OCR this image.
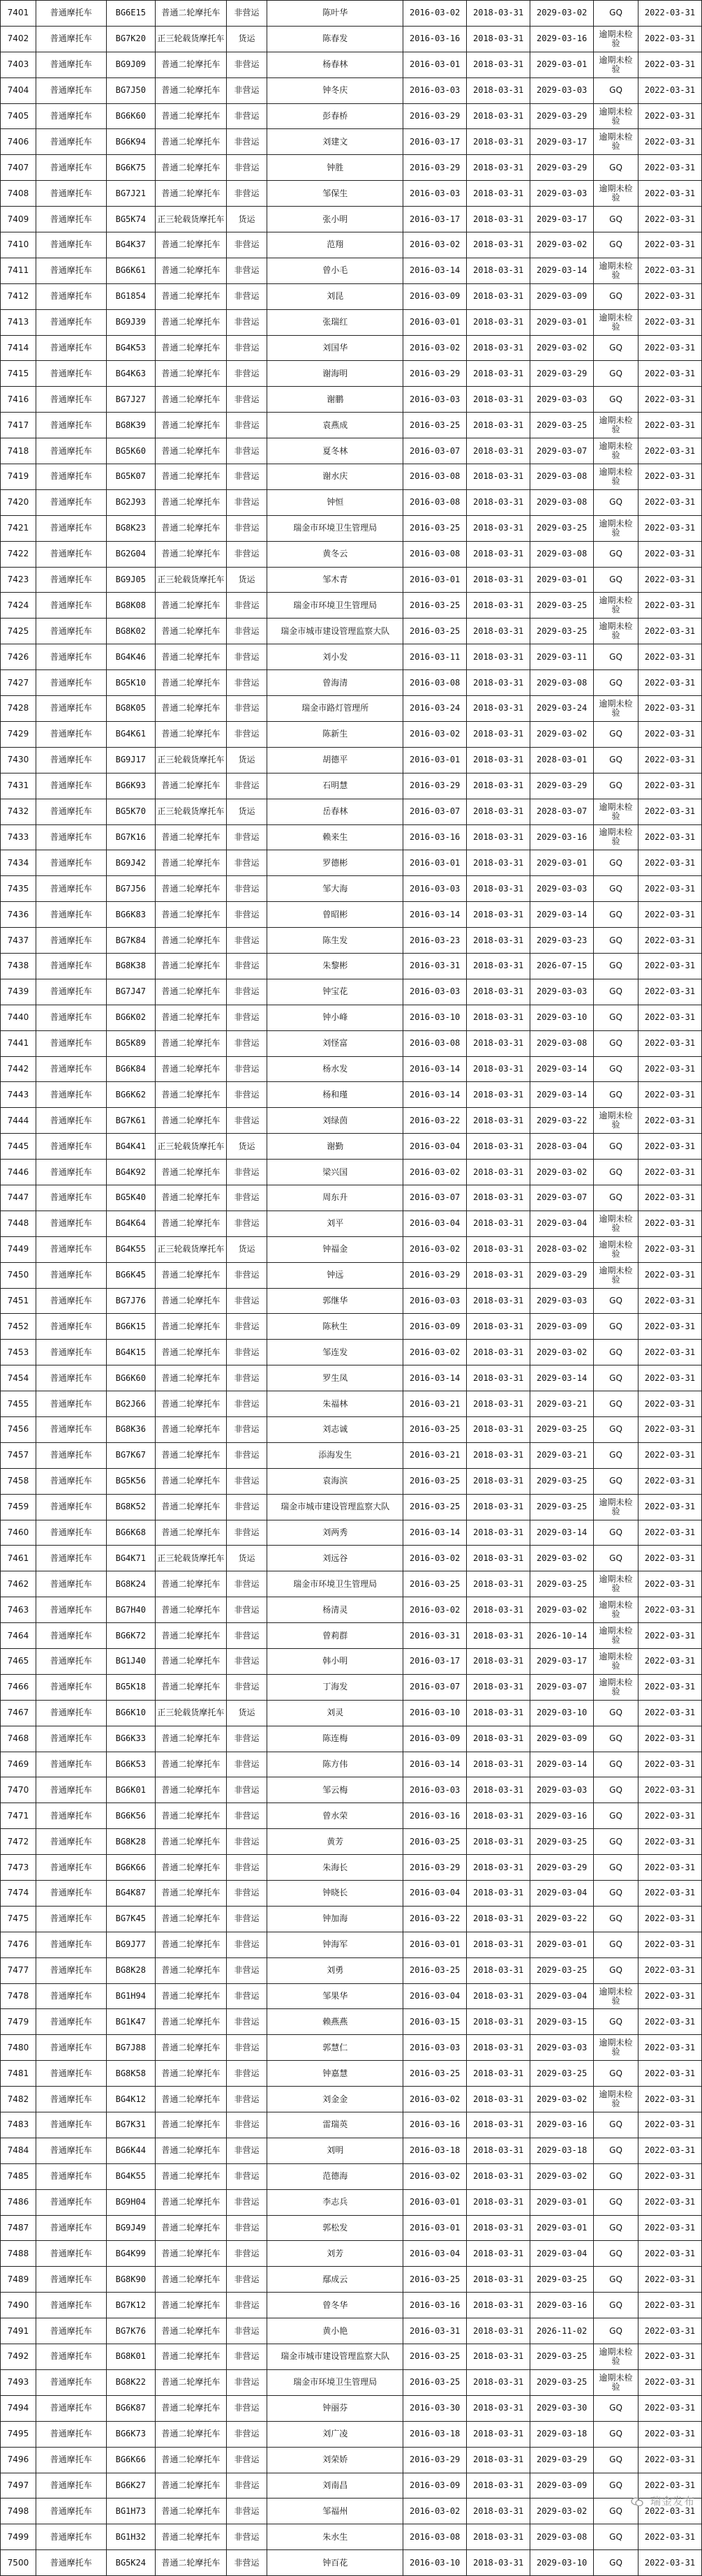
7401	普通摩托车	BG6E15	普通二轮摩托车	非营运	陈叶华	2016-03-02	2018-03-31	2029-03-02	GQ	2022-03-31
7402	普通摩托车	BG7K20	正三轮载货摩托车	货运	陈春发	2016-03-16	2018-03-31	2029-03-16	逾期未检验	2022-03-31
7403	普通摩托车	BG9J09	普通二轮摩托车	非营运	杨春林	2016-03-01	2018-03-31	2029-03-01	逾期未检验	2022-03-31
7404	普通摩托车	BG7J50	普通二轮摩托车	非营运	钟冬庆	2016-03-03	2018-03-31	2029-03-03	GQ	2022-03-31
7405	普通摩托车	BG6K60	普通二轮摩托车	非营运	彭春桥	2016-03-29	2018-03-31	2029-03-29	逾期未检验	2022-03-31
7406	普通摩托车	BG6K94	普通二轮摩托车	非营运	刘建文	2016-03-17	2018-03-31	2029-03-17	逾期未检验	2022-03-31
7407	普通摩托车	BG6K75	普通二轮摩托车	非营运	钟胜	2016-03-29	2018-03-31	2029-03-29	GQ	2022-03-31
7408	普通摩托车	BG7J21	普通二轮摩托车	非营运	邹保生	2016-03-03	2018-03-31	2029-03-03	逾期未检验	2022-03-31
7409	普通摩托车	BG5K74	正三轮载货摩托车	货运	张小明	2016-03-17	2018-03-31	2029-03-17	GQ	2022-03-31
7410	普通摩托车	BG4K37	普通二轮摩托车	非营运	范翔	2016-03-02	2018-03-31	2029-03-02	GQ	2022-03-31
7411	普通摩托车	BG6K61	普通二轮摩托车	非营运	曾小毛	2016-03-14	2018-03-31	2029-03-14	逾期未检验	2022-03-31
7412	普通摩托车	BG1854	普通二轮摩托车	非营运	刘昆	2016-03-09	2018-03-31	2029-03-09	GQ	2022-03-31
7413	普通摩托车	BG9J39	普通二轮摩托车	非营运	张瑞红	2016-03-01	2018-03-31	2029-03-01	逾期未检验	2022-03-31
7414	普通摩托车	BG4K53	普通二轮摩托车	非营运	刘国华	2016-03-02	2018-03-31	2029-03-02	GQ	2022-03-31
7415	普通摩托车	BG4K63	普通二轮摩托车	非营运	谢海明	2016-03-29	2018-03-31	2029-03-29	GQ	2022-03-31
7416	普通摩托车	BG7J27	普通二轮摩托车	非营运	谢鹏	2016-03-03	2018-03-31	2029-03-03	GQ	2022-03-31
7417	普通摩托车	BG8K39	普通二轮摩托车	非营运	袁燕成	2016-03-25	2018-03-31	2029-03-25	逾期未检验	2022-03-31
7418	普通摩托车	BG5K60	普通二轮摩托车	非营运	夏冬林	2016-03-07	2018-03-31	2029-03-07	逾期未检验	2022-03-31
7419	普通摩托车	BG5K07	普通二轮摩托车	非营运	谢水庆	2016-03-08	2018-03-31	2029-03-08	逾期未检验	2022-03-31
7420	普通摩托车	BG2J93	普通二轮摩托车	非营运	钟恒	2016-03-08	2018-03-31	2029-03-08	GQ	2022-03-31
7421	普通摩托车	BG8K23	普通二轮摩托车	非营运	瑞金市环境卫生管理局	2016-03-25	2018-03-31	2029-03-25	逾期未检验	2022-03-31
7422	普通摩托车	BG2G04	普通二轮摩托车	非营运	黄冬云	2016-03-08	2018-03-31	2029-03-08	GQ	2022-03-31
7423	普通摩托车	BG9J05	正三轮载货摩托车	货运	邹木青	2016-03-01	2018-03-31	2029-03-01	GQ	2022-03-31
7424	普通摩托车	BG8K08	普通二轮摩托车	非营运	瑞金市环境卫生管理局	2016-03-25	2018-03-31	2029-03-25	逾期未检验	2022-03-31
7425	普通摩托车	BG8K02	普通二轮摩托车	非营运	瑞金市城市建设管理监察大队	2016-03-25	2018-03-31	2029-03-25	逾期未检验	2022-03-31
7426	普通摩托车	BG4K46	普通二轮摩托车	非营运	刘小发	2016-03-11	2018-03-31	2029-03-11	GQ	2022-03-31
7427	普通摩托车	BG5K10	普通二轮摩托车	非营运	曾海清	2016-03-08	2018-03-31	2029-03-08	GQ	2022-03-31
7428	普通摩托车	BG8K05	普通二轮摩托车	非营运	瑞金市路灯管理所	2016-03-24	2018-03-31	2029-03-24	逾期未检验	2022-03-31
7429	普通摩托车	BG4K61	普通二轮摩托车	非营运	陈新生	2016-03-02	2018-03-31	2029-03-02	GQ	2022-03-31
7430	普通摩托车	BG9J17	正三轮载货摩托车	货运	胡德平	2016-03-01	2018-03-31	2028-03-01	GQ	2022-03-31
7431	普通摩托车	BG6K93	普通二轮摩托车	非营运	石明慧	2016-03-29	2018-03-31	2029-03-29	GQ	2022-03-31
7432	普通摩托车	BG5K70	正三轮载货摩托车	货运	岳春林	2016-03-07	2018-03-31	2028-03-07	逾期未检验	2022-03-31
7433	普通摩托车	BG7K16	普通二轮摩托车	非营运	赖来生	2016-03-16	2018-03-31	2029-03-16	逾期未检验	2022-03-31
7434	普通摩托车	BG9J42	普通二轮摩托车	非营运	罗德彬	2016-03-01	2018-03-31	2029-03-01	GQ	2022-03-31
7435	普通摩托车	BG7J56	普通二轮摩托车	非营运	邹大海	2016-03-03	2018-03-31	2029-03-03	GQ	2022-03-31
7436	普通摩托车	BG6K83	普通二轮摩托车	非营运	曾昭彬	2016-03-14	2018-03-31	2029-03-14	GQ	2022-03-31
7437	普通摩托车	BG7K84	普通二轮摩托车	非营运	陈生发	2016-03-23	2018-03-31	2029-03-23	GQ	2022-03-31
7438	普通摩托车	BG8K38	普通二轮摩托车	非营运	朱黎彬	2016-03-31	2018-03-31	2026-07-15	GQ	2022-03-31
7439	普通摩托车	BG7J47	普通二轮摩托车	非营运	钟宝花	2016-03-03	2018-03-31	2029-03-03	GQ	2022-03-31
7440	普通摩托车	BG6K02	普通二轮摩托车	非营运	钟小峰	2016-03-10	2018-03-31	2029-03-10	GQ	2022-03-31
7441	普通摩托车	BG5K89	普通二轮摩托车	非营运	刘怪富	2016-03-08	2018-03-31	2029-03-08	GQ	2022-03-31
7442	普通摩托车	BG6K84	普通二轮摩托车	非营运	杨水发	2016-03-14	2018-03-31	2029-03-14	GQ	2022-03-31
7443	普通摩托车	BG6K62	普通二轮摩托车	非营运	杨和瑾	2016-03-14	2018-03-31	2029-03-14	GQ	2022-03-31
7444	普通摩托车	BG7K61	普通二轮摩托车	非营运	刘绿茵	2016-03-22	2018-03-31	2029-03-22	逾期未检验	2022-03-31
7445	普通摩托车	BG4K41	正三轮载货摩托车	货运	谢勤	2016-03-04	2018-03-31	2028-03-04	GQ	2022-03-31
7446	普通摩托车	BG4K92	普通二轮摩托车	非营运	梁兴国	2016-03-02	2018-03-31	2029-03-02	GQ	2022-03-31
7447	普通摩托车	BG5K40	普通二轮摩托车	非营运	周东升	2016-03-07	2018-03-31	2029-03-07	GQ	2022-03-31
7448	普通摩托车	BG4K64	普通二轮摩托车	非营运	刘平	2016-03-04	2018-03-31	2029-03-04	逾期未检验	2022-03-31
7449	普通摩托车	BG4K55	正三轮载货摩托车	货运	钟福金	2016-03-02	2018-03-31	2028-03-02	逾期未检验	2022-03-31
7450	普通摩托车	BG6K45	普通二轮摩托车	非营运	钟远	2016-03-29	2018-03-31	2029-03-29	逾期未检验	2022-03-31
7451	普通摩托车	BG7J76	普通二轮摩托车	非营运	郭继华	2016-03-03	2018-03-31	2029-03-03	GQ	2022-03-31
7452	普通摩托车	BG6K15	普通二轮摩托车	非营运	陈秋生	2016-03-09	2018-03-31	2029-03-09	GQ	2022-03-31
7453	普通摩托车	BG4K15	普通二轮摩托车	非营运	邹连发	2016-03-02	2018-03-31	2029-03-02	GQ	2022-03-31
7454	普通摩托车	BG6K60	普通二轮摩托车	非营运	罗生凤	2016-03-14	2018-03-31	2029-03-14	GQ	2022-03-31
7455	普通摩托车	BG2J66	普通二轮摩托车	非营运	朱福林	2016-03-21	2018-03-31	2029-03-21	GQ	2022-03-31
7456	普通摩托车	BG8K36	普通二轮摩托车	非营运	刘志诚	2016-03-25	2018-03-31	2029-03-25	GQ	2022-03-31
7457	普通摩托车	BG7K67	普通二轮摩托车	非营运	添海发生	2016-03-21	2018-03-31	2029-03-21	GQ	2022-03-31
7458	普通摩托车	BG5K56	普通二轮摩托车	非营运	袁海滨	2016-03-25	2018-03-31	2029-03-25	GQ	2022-03-31
7459	普通摩托车	BG8K52	普通二轮摩托车	非营运	瑞金市城市建设管理监察大队	2016-03-25	2018-03-31	2029-03-25	逾期未检验	2022-03-31
7460	普通摩托车	BG6K68	普通二轮摩托车	非营运	刘两秀	2016-03-14	2018-03-31	2029-03-14	GQ	2022-03-31
7461	普通摩托车	BG4K71	正三轮载货摩托车	货运	刘远谷	2016-03-02	2018-03-31	2029-03-02	GQ	2022-03-31
7462	普通摩托车	BG8K24	普通二轮摩托车	非营运	瑞金市环境卫生管理局	2016-03-25	2018-03-31	2029-03-25	逾期未检验	2022-03-31
7463	普通摩托车	BG7H40	普通二轮摩托车	非营运	杨清灵	2016-03-02	2018-03-31	2029-03-02	逾期未检验	2022-03-31
7464	普通摩托车	BG6K72	普通二轮摩托车	非营运	曾莉群	2016-03-31	2018-03-31	2026-10-14	逾期未检验	2022-03-31
7465	普通摩托车	BG1J40	普通二轮摩托车	非营运	韩小明	2016-03-17	2018-03-31	2029-03-17	逾期未检验	2022-03-31
7466	普通摩托车	BG5K18	普通二轮摩托车	非营运	丁海发	2016-03-07	2018-03-31	2029-03-07	逾期未检验	2022-03-31
7467	普通摩托车	BG6K10	正三轮载货摩托车	货运	刘灵	2016-03-10	2018-03-31	2029-03-10	GQ	2022-03-31
7468	普通摩托车	BG6K33	普通二轮摩托车	非营运	陈连梅	2016-03-09	2018-03-31	2029-03-09	GQ	2022-03-31
7469	普通摩托车	BG6K53	普通二轮摩托车	非营运	陈方伟	2016-03-14	2018-03-31	2029-03-14	GQ	2022-03-31
7470	普通摩托车	BG6K01	普通二轮摩托车	非营运	邹云梅	2016-03-03	2018-03-31	2029-03-03	GQ	2022-03-31
7471	普通摩托车	BG6K56	普通二轮摩托车	非营运	曾水荣	2016-03-16	2018-03-31	2029-03-16	GQ	2022-03-31
7472	普通摩托车	BG8K28	普通二轮摩托车	非营运	黄芳	2016-03-25	2018-03-31	2029-03-25	GQ	2022-03-31
7473	普通摩托车	BG6K66	普通二轮摩托车	非营运	朱海长	2016-03-29	2018-03-31	2029-03-29	GQ	2022-03-31
7474	普通摩托车	BG4K87	普通二轮摩托车	非营运	钟晓长	2016-03-04	2018-03-31	2029-03-04	GQ	2022-03-31
7475	普通摩托车	BG7K45	普通二轮摩托车	非营运	钟加海	2016-03-22	2018-03-31	2029-03-22	GQ	2022-03-31
7476	普通摩托车	BG9J77	普通二轮摩托车	非营运	钟海军	2016-03-01	2018-03-31	2029-03-01	GQ	2022-03-31
7477	普通摩托车	BG8K28	普通二轮摩托车	非营运	刘勇	2016-03-25	2018-03-31	2029-03-25	GQ	2022-03-31
7478	普通摩托车	BG1H94	普通二轮摩托车	非营运	邹果华	2016-03-04	2018-03-31	2029-03-04	逾期未检验	2022-03-31
7479	普通摩托车	BG1K47	普通二轮摩托车	非营运	赖燕燕	2016-03-15	2018-03-31	2029-03-15	GQ	2022-03-31
7480	普通摩托车	BG7J88	普通二轮摩托车	非营运	郭慧仁	2016-03-03	2018-03-31	2029-03-03	逾期未检验	2022-03-31
7481	普通摩托车	BG8K58	普通二轮摩托车	非营运	钟嘉慧	2016-03-25	2018-03-31	2029-03-25	GQ	2022-03-31
7482	普通摩托车	BG4K12	普通二轮摩托车	非营运	刘金金	2016-03-02	2018-03-31	2029-03-02	逾期未检验	2022-03-31
7483	普通摩托车	BG7K31	普通二轮摩托车	非营运	雷瑞英	2016-03-16	2018-03-31	2029-03-16	GQ	2022-03-31
7484	普通摩托车	BG6K44	普通二轮摩托车	非营运	刘明	2016-03-18	2018-03-31	2029-03-18	GQ	2022-03-31
7485	普通摩托车	BG4K55	普通二轮摩托车	非营运	范德海	2016-03-02	2018-03-31	2029-03-02	GQ	2022-03-31
7486	普通摩托车	BG9H04	普通二轮摩托车	非营运	李志兵	2016-03-01	2018-03-31	2029-03-01	GQ	2022-03-31
7487	普通摩托车	BG9J49	普通二轮摩托车	非营运	郭松发	2016-03-01	2018-03-31	2029-03-01	GQ	2022-03-31
7488	普通摩托车	BG4K99	普通二轮摩托车	非营运	刘芳	2016-03-04	2018-03-31	2029-03-04	GQ	2022-03-31
7489	普通摩托车	BG8K90	普通二轮摩托车	非营运	鄢成云	2016-03-25	2018-03-31	2029-03-25	GQ	2022-03-31
7490	普通摩托车	BG7K12	普通二轮摩托车	非营运	曾冬华	2016-03-16	2018-03-31	2029-03-16	GQ	2022-03-31
7491	普通摩托车	BG7K76	普通二轮摩托车	非营运	黄小艳	2016-03-31	2018-03-31	2026-11-02	GQ	2022-03-31
7492	普通摩托车	BG8K01	普通二轮摩托车	非营运	瑞金市城市建设管理监察大队	2016-03-25	2018-03-31	2029-03-25	逾期未检验	2022-03-31
7493	普通摩托车	BG8K22	普通二轮摩托车	非营运	瑞金市环境卫生管理局	2016-03-25	2018-03-31	2029-03-25	逾期未检验	2022-03-31
7494	普通摩托车	BG6K87	普通二轮摩托车	非营运	钟丽芬	2016-03-30	2018-03-31	2029-03-30	GQ	2022-03-31
7495	普通摩托车	BG6K73	普通二轮摩托车	非营运	刘广凌	2016-03-18	2018-03-31	2029-03-18	GQ	2022-03-31
7496	普通摩托车	BG6K66	普通二轮摩托车	非营运	刘荣娇	2016-03-29	2018-03-31	2029-03-29	GQ	2022-03-31
7497	普通摩托车	BG6K27	普通二轮摩托车	非营运	刘南昌	2016-03-09	2018-03-31	2029-03-09	GQ	2022-03-31
7498	普通摩托车	BG1H73	普通二轮摩托车	非营运	邹福州	2016-03-02	2018-03-31	2029-03-02	GQ	2022-03-31
7499	普通摩托车	BG1H32	普通二轮摩托车	非营运	朱水生	2016-03-08	2018-03-31	2029-03-08	GQ	2022-03-31
7500	普通摩托车	BG5K24	普通二轮摩托车	非营运	钟百花	2016-03-10	2018-03-31	2029-03-10	GQ	2022-03-31
瑞金发布
